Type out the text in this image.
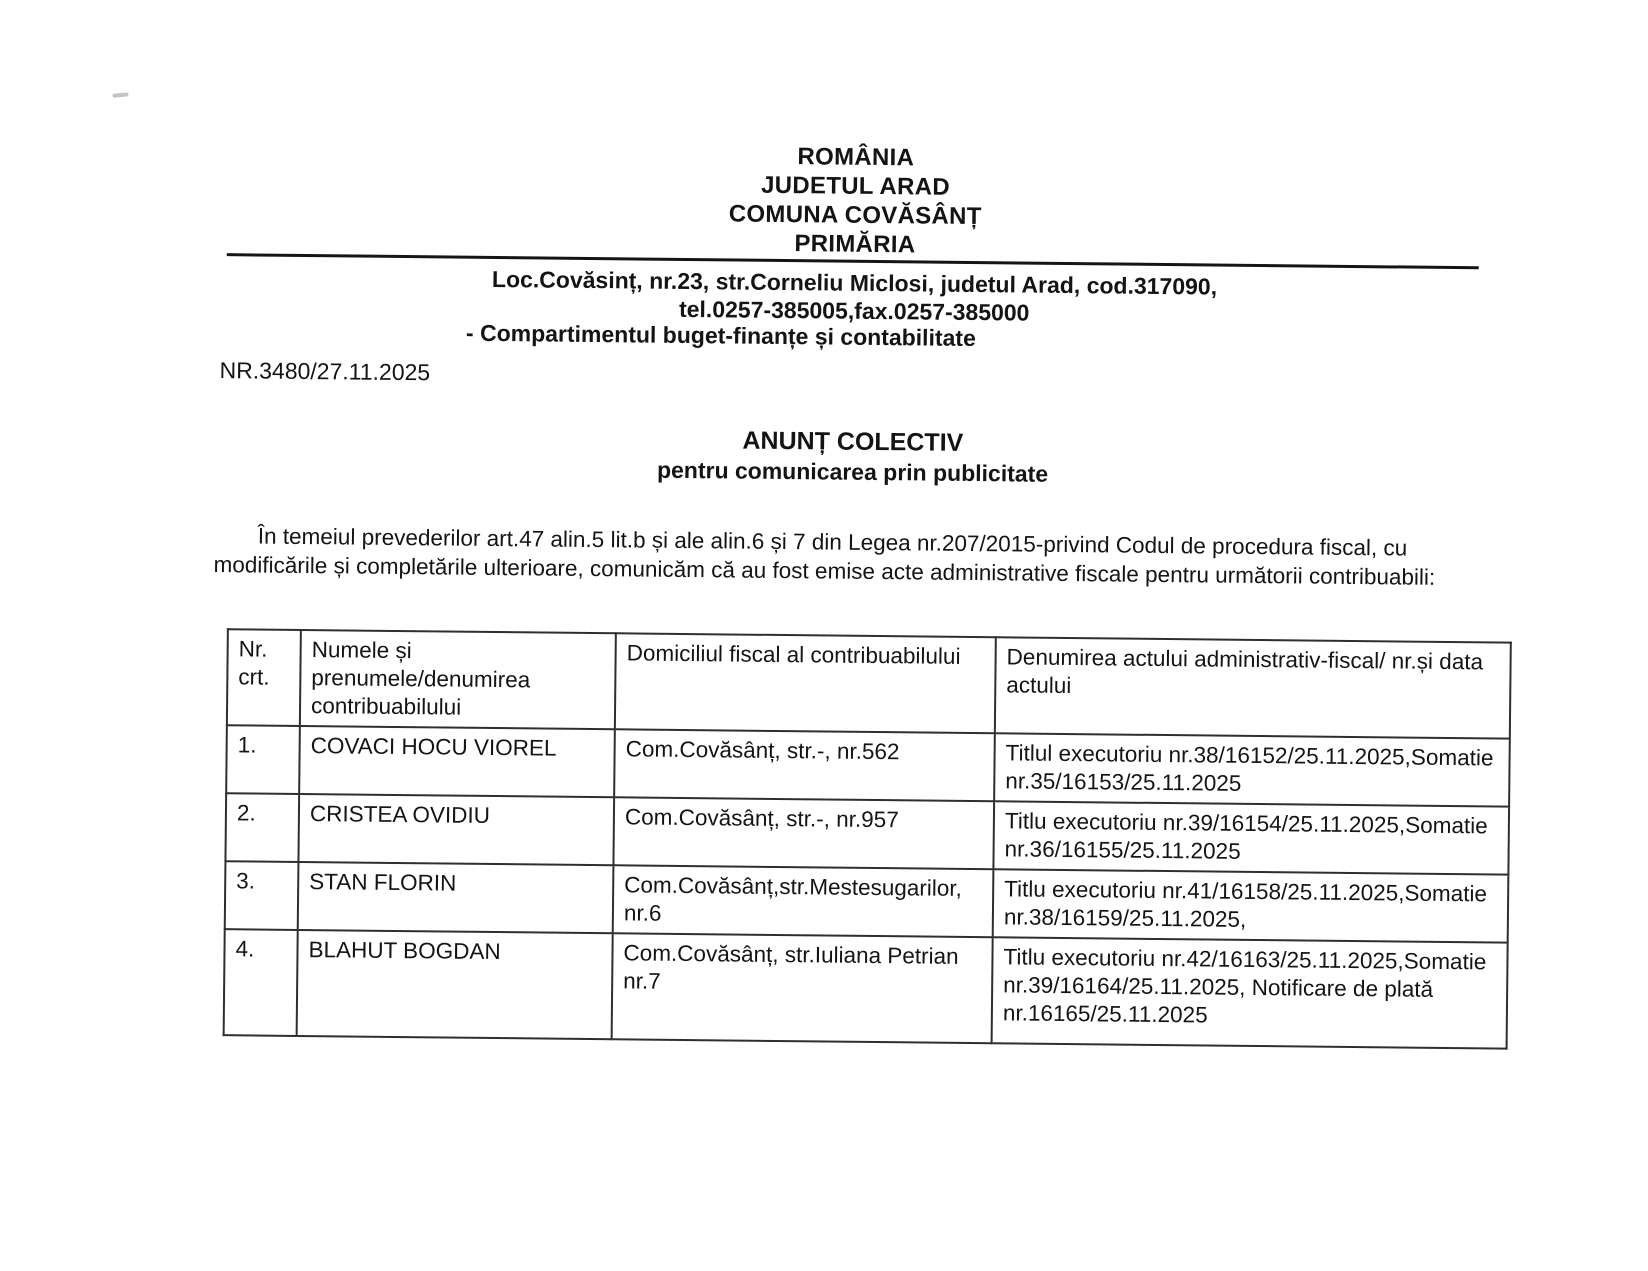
ROMÂNIA
JUDETUL ARAD
COMUNA COVĂSÂNȚ
PRIMĂRIA
Loc.Covăsinț, nr.23, str.Corneliu Miclosi, judetul Arad, cod.317090,
tel.0257-385005,fax.0257-385000
- Compartimentul buget-finanțe și contabilitate
NR.3480/27.11.2025
ANUNȚ COLECTIV
pentru comunicarea prin publicitate
În temeiul prevederilor art.47 alin.5 lit.b și ale alin.6 și 7 din Legea nr.207/2015-privind Codul de procedura fiscal, cu modificările și completările ulterioare, comunicăm că au fost emise acte administrative fiscale pentru următorii contribuabili:
Nr. crt.	Numele și prenumele/denumirea contribuabilului	Domiciliul fiscal al contribuabilului	Denumirea actului administrativ-fiscal/ nr.și data actului
1.	COVACI HOCU VIOREL	Com.Covăsânț, str.-, nr.562	Titlul executoriu nr.38/16152/25.11.2025,Somatie nr.35/16153/25.11.2025
2.	CRISTEA OVIDIU	Com.Covăsânț, str.-, nr.957	Titlu executoriu nr.39/16154/25.11.2025,Somatie nr.36/16155/25.11.2025
3.	STAN FLORIN	Com.Covăsânț,str.Mestesugarilor, nr.6	Titlu executoriu nr.41/16158/25.11.2025,Somatie nr.38/16159/25.11.2025,
4.	BLAHUT BOGDAN	Com.Covăsânț, str.Iuliana Petrian nr.7	Titlu executoriu nr.42/16163/25.11.2025,Somatie nr.39/16164/25.11.2025, Notificare de plată nr.16165/25.11.2025
